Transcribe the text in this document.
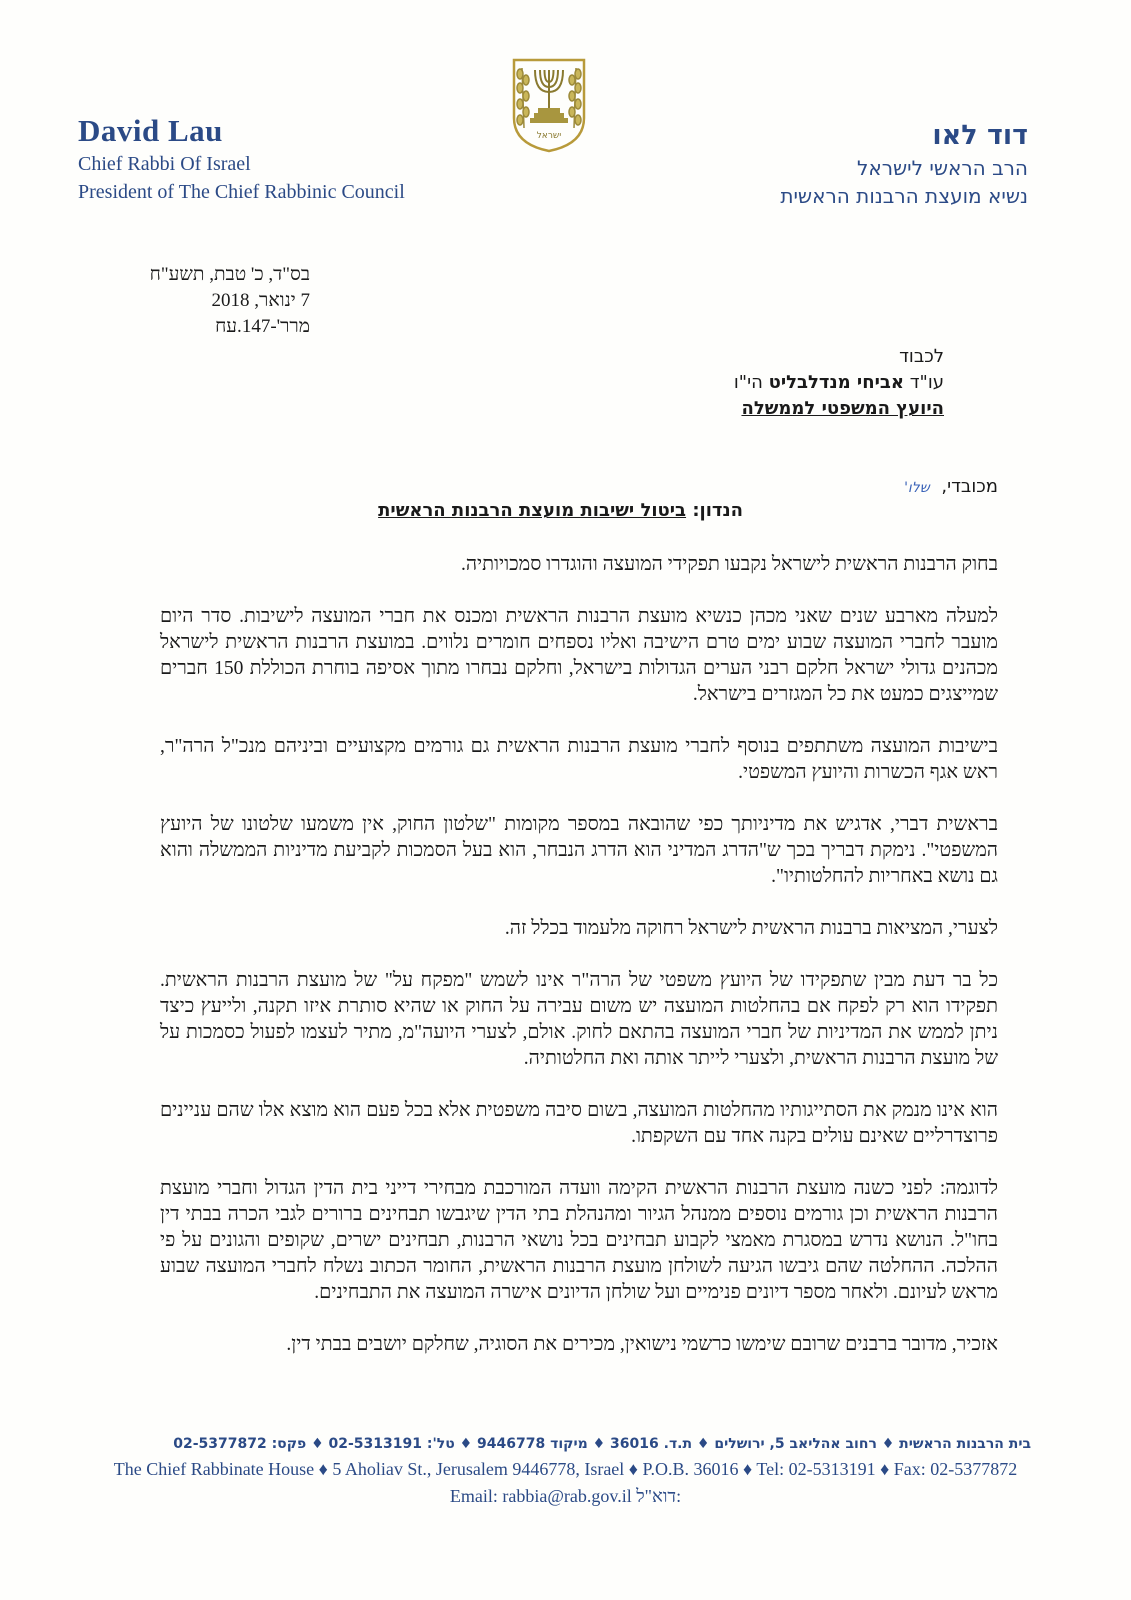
David Lau
Chief Rabbi Of Israel
President of The Chief Rabbinic Council
ישראל	דוד לאו
הרב הראשי לישראל
נשיא מועצת הרבנות הראשית
בס"ד, כ' טבת, תשע"ח
7 ינואר, 2018
מרר'-147.עח
לכבוד
עו"ד אביחי מנדלבליט הי"ו
היועץ המשפטי לממשלה
מכובדי, שלו'
הנדון: ביטול ישיבות מועצת הרבנות הראשית

בחוק הרבנות הראשית לישראל נקבעו תפקידי המועצה והוגדרו סמכויותיה.

למעלה מארבע שנים שאני מכהן כנשיא מועצת הרבנות הראשית ומכנס את חברי המועצה לישיבות. סדר היום מועבר לחברי המועצה שבוע ימים טרם הישיבה ואליו נספחים חומרים נלווים. במועצת הרבנות הראשית לישראל מכהנים גדולי ישראל חלקם רבני הערים הגדולות בישראל, וחלקם נבחרו מתוך אסיפה בוחרת הכוללת 150 חברים שמייצגים כמעט את כל המגזרים בישראל.

בישיבות המועצה משתתפים בנוסף לחברי מועצת הרבנות הראשית גם גורמים מקצועיים וביניהם מנכ"ל הרה"ר, ראש אגף הכשרות והיועץ המשפטי.

בראשית דברי, אדגיש את מדיניותך כפי שהובאה במספר מקומות "שלטון החוק, אין משמעו שלטונו של היועץ המשפטי". נימקת דבריך בכך ש"הדרג המדיני הוא הדרג הנבחר, הוא בעל הסמכות לקביעת מדיניות הממשלה והוא גם נושא באחריות להחלטותיו".

לצערי, המציאות ברבנות הראשית לישראל רחוקה מלעמוד בכלל זה.

כל בר דעת מבין שתפקידו של היועץ משפטי של הרה"ר אינו לשמש "מפקח על" של מועצת הרבנות הראשית. תפקידו הוא רק לפקח אם בהחלטות המועצה יש משום עבירה על החוק או שהיא סותרת איזו תקנה, ולייעץ כיצד ניתן לממש את המדיניות של חברי המועצה בהתאם לחוק. אולם, לצערי היועה"מ, מתיר לעצמו לפעול כסמכות על של מועצת הרבנות הראשית, ולצערי לייתר אותה ואת החלטותיה.

הוא אינו מנמק את הסתייגותיו מהחלטות המועצה, בשום סיבה משפטית אלא בכל פעם הוא מוצא אלו שהם עניינים פרוצדרליים שאינם עולים בקנה אחד עם השקפתו.

לדוגמה: לפני כשנה מועצת הרבנות הראשית הקימה וועדה המורכבת מבחירי דייני בית הדין הגדול וחברי מועצת הרבנות הראשית וכן גורמים נוספים ממנהל הגיור ומהנהלת בתי הדין שיגבשו תבחינים ברורים לגבי הכרה בבתי דין בחו"ל. הנושא נדרש במסגרת מאמצי לקבוע תבחינים בכל נושאי הרבנות, תבחינים ישרים, שקופים והגונים על פי ההלכה. ההחלטה שהם גיבשו הגיעה לשולחן מועצת הרבנות הראשית, החומר הכתוב נשלח לחברי המועצה שבוע מראש לעיונם. ולאחר מספר דיונים פנימיים ועל שולחן הדיונים אישרה המועצה את התבחינים.

אזכיר, מדובר ברבנים שרובם שימשו כרשמי נישואין, מכירים את הסוגיה, שחלקם יושבים בבתי דין.

בית הרבנות הראשית ♦ רחוב אהליאב 5, ירושלים ♦ ת.ד. 36016 ♦ מיקוד 9446778 ♦ טל': 02-5313191 ♦ פקס: 02-5377872
The Chief Rabbinate House ♦ 5 Aholiav St., Jerusalem 9446778, Israel ♦ P.O.B. 36016 ♦ Tel: 02-5313191 ♦ Fax: 02-5377872
Email: rabbia@rab.gov.il דוא"ל:
